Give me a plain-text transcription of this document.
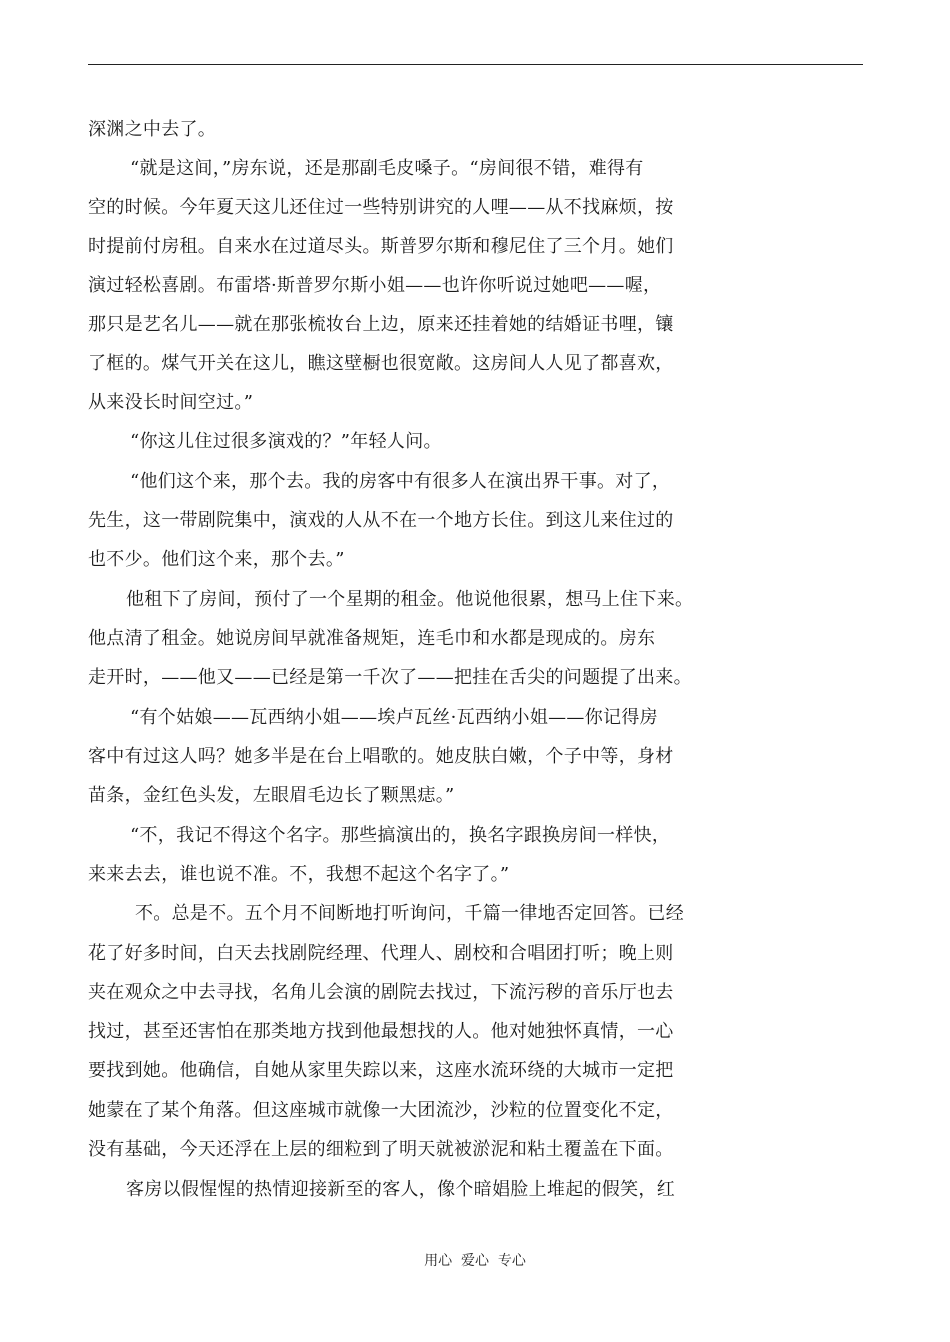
深渊之中去了。
“就是这间，”房东说，还是那副毛皮嗓子。“房间很不错，难得有
空的时候。今年夏天这儿还住过一些特别讲究的人哩——从不找麻烦，按
时提前付房租。自来水在过道尽头。斯普罗尔斯和穆尼住了三个月。她们
演过轻松喜剧。布雷塔·斯普罗尔斯小姐——也许你听说过她吧——喔，
那只是艺名儿——就在那张梳妆台上边，原来还挂着她的结婚证书哩，镶
了框的。煤气开关在这儿，瞧这壁橱也很宽敞。这房间人人见了都喜欢，
从来没长时间空过。”
“你这儿住过很多演戏的？”年轻人问。
“他们这个来，那个去。我的房客中有很多人在演出界干事。对了，
先生，这一带剧院集中，演戏的人从不在一个地方长住。到这儿来住过的
也不少。他们这个来，那个去。”
他租下了房间，预付了一个星期的租金。他说他很累，想马上住下来。
他点清了租金。她说房间早就准备规矩，连毛巾和水都是现成的。房东
走开时，——他又——已经是第一千次了——把挂在舌尖的问题提了出来。
“有个姑娘——瓦西纳小姐——埃卢瓦丝·瓦西纳小姐——你记得房
客中有过这人吗？她多半是在台上唱歌的。她皮肤白嫩，个子中等，身材
苗条，金红色头发，左眼眉毛边长了颗黑痣。”
“不，我记不得这个名字。那些搞演出的，换名字跟换房间一样快，
来来去去，谁也说不准。不，我想不起这个名字了。”
不。总是不。五个月不间断地打听询问，千篇一律地否定回答。已经
花了好多时间，白天去找剧院经理、代理人、剧校和合唱团打听；晚上则
夹在观众之中去寻找，名角儿会演的剧院去找过，下流污秽的音乐厅也去
找过，甚至还害怕在那类地方找到他最想找的人。他对她独怀真情，一心
要找到她。他确信，自她从家里失踪以来，这座水流环绕的大城市一定把
她蒙在了某个角落。但这座城市就像一大团流沙，沙粒的位置变化不定，
没有基础，今天还浮在上层的细粒到了明天就被淤泥和粘土覆盖在下面。
客房以假惺惺的热情迎接新至的客人，像个暗娼脸上堆起的假笑，红
用心  爱心  专心
